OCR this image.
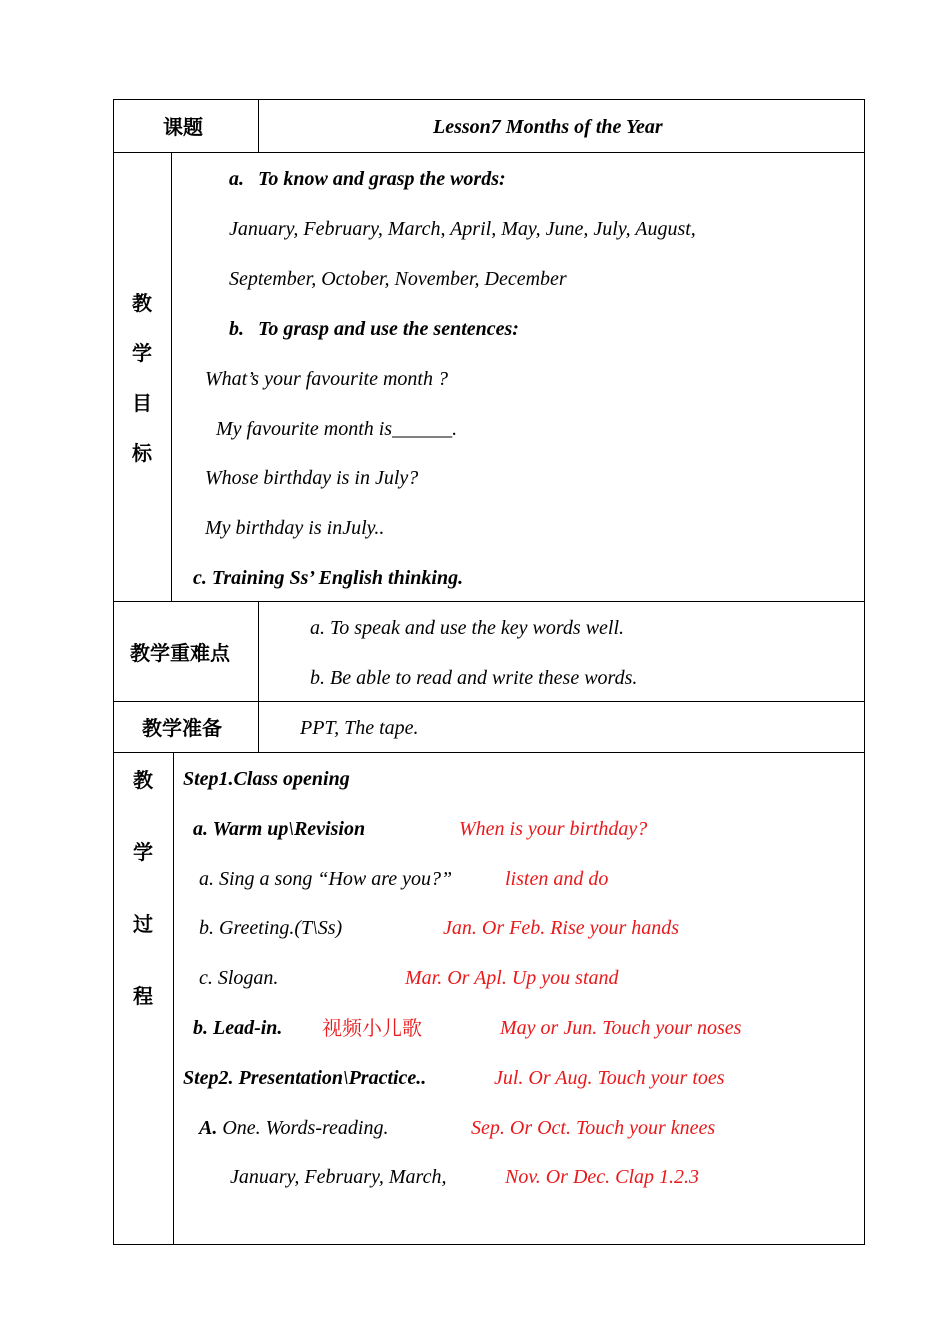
课题	Lesson7 Months of the Year
教
学
目
标
a. To know and grasp the words:
January, February, March, April, May, June, July, August,
September, October, November, December
b. To grasp and use the sentences:
What’s your favourite month ?
My favourite month is______.
Whose birthday is in July?
My birthday is inJuly..
c. Training Ss’ English thinking.
教学重难点
a. To speak and use the key words well.
b. Be able to read and write these words.
教学准备	PPT, The tape.
教
学
过
程
Step1.Class opening
a. Warm up\Revision
a. Sing a song “How are you?”
b. Greeting.(T\Ss)
c. Slogan.
b. Lead-in. 视频小儿歌
Step2. Presentation\Practice..
A. One. Words-reading.
January, February, March,
When is your birthday?
listen and do
Jan. Or Feb. Rise your hands
Mar. Or Apl. Up you stand
May or Jun. Touch your noses
Jul. Or Aug. Touch your toes
Sep. Or Oct. Touch your knees
Nov. Or Dec. Clap 1.2.3
